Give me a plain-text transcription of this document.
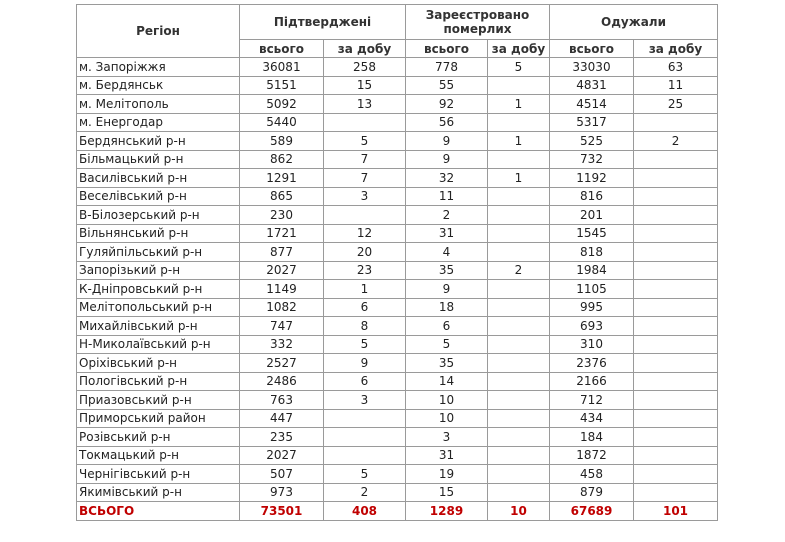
Регіон	Підтверджені		Зареєстровано померлих		Одужали	
	всього	за добу	всього	за добу	всього	за добу
м. Запоріжжя	36081	258	778	5	33030	63
м. Бердянськ	5151	15	55		4831	11
м. Мелітополь	5092	13	92	1	4514	25
м. Енергодар	5440		56		5317	
Бердянський р-н	589	5	9	1	525	2
Більмацький р-н	862	7	9		732	
Василівський р-н	1291	7	32	1	1192	
Веселівський р-н	865	3	11		816	
В-Білозерський р-н	230		2		201	
Вільнянський р-н	1721	12	31		1545	
Гуляйпільський р-н	877	20	4		818	
Запорізький р-н	2027	23	35	2	1984	
К-Дніпровський р-н	1149	1	9		1105	
Мелітопольський р-н	1082	6	18		995	
Михайлівський р-н	747	8	6		693	
Н-Миколаївський р-н	332	5	5		310	
Оріхівський р-н	2527	9	35		2376	
Пологівський р-н	2486	6	14		2166	
Приазовський р-н	763	3	10		712	
Приморський район	447		10		434	
Розівський р-н	235		3		184	
Токмацький р-н	2027		31		1872	
Чернігівський р-н	507	5	19		458	
Якимівський р-н	973	2	15		879	
ВСЬОГО	73501	408	1289	10	67689	101
